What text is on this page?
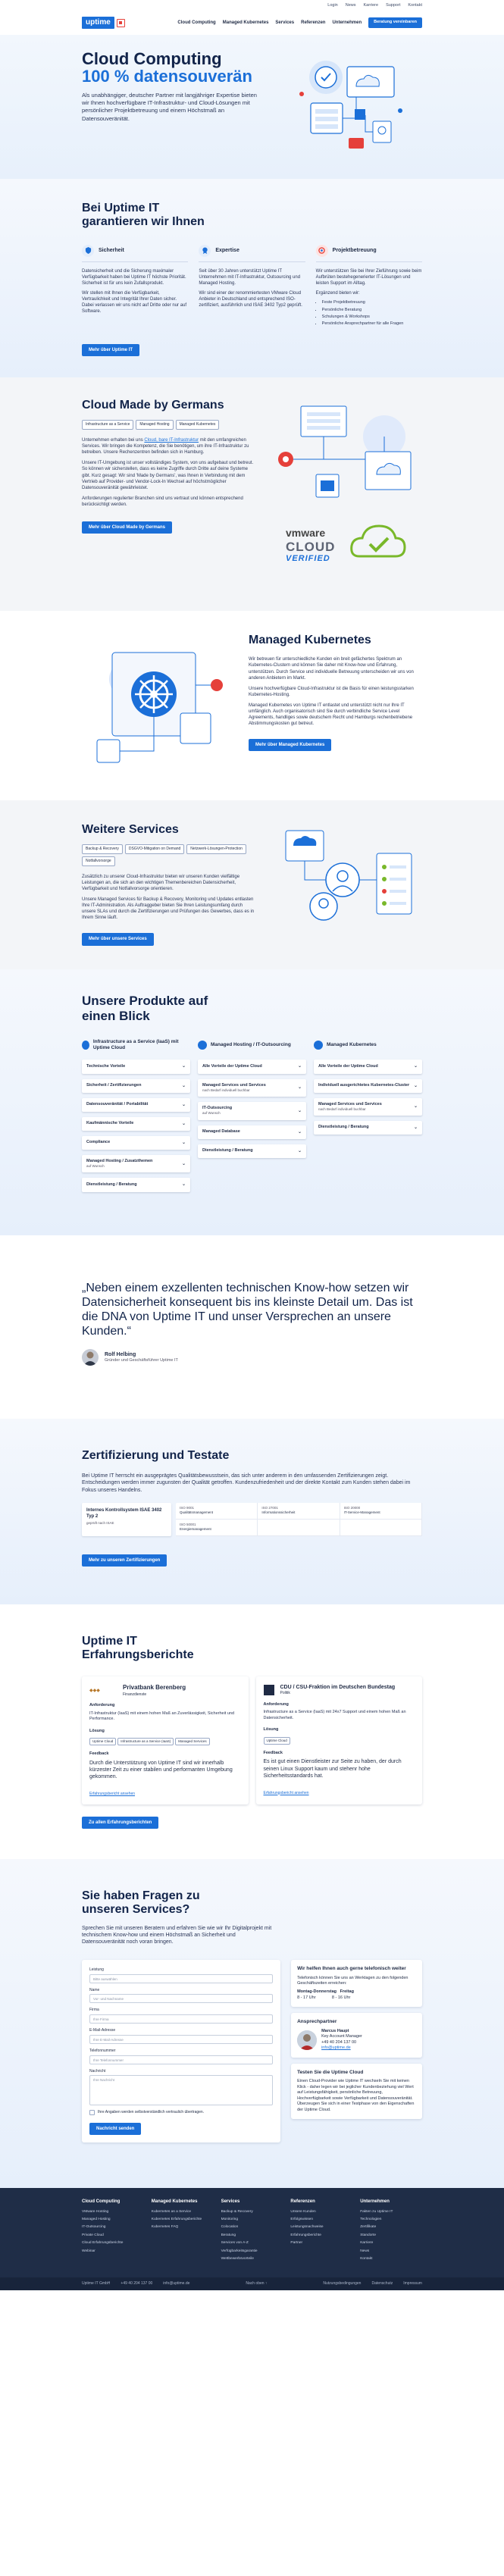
Login News Karriere Support Kontakt
uptime	Cloud Computing Managed Kubernetes Services Referenzen Unternehmen	Beratung vereinbaren
Cloud Computing
100 % datensouverän

Als unabhängiger, deutscher Partner mit langjähriger Expertise bieten wir Ihnen hochverfügbare IT-Infrastruktur- und Cloud-Lösungen mit persönlicher Projektbetreuung und einem Höchstmaß an Datensouveränität.

Bei Uptime IT
garantieren wir Ihnen
Sicherheit

Datensicherheit und die Sicherung maximaler Verfügbarkeit haben bei Uptime IT höchste Priorität. Sicherheit ist für uns kein Zufallsprodukt.

Wir stellen mit Ihnen die Verfügbarkeit, Vertraulichkeit und Integrität Ihrer Daten sicher. Dabei verlassen wir uns nicht auf Dritte oder nur auf Software.

Expertise

Seit über 30 Jahren unterstützt Uptime IT Unternehmen mit IT-Infrastruktur, Outsourcing und Managed Hosting.

Wir sind einer der renommiertesten VMware Cloud Anbieter in Deutschland und entsprechend ISO-zertifiziert, ausführlich und ISAE 3402 Typ2 geprüft.

Projektbetreuung

Wir unterstützen Sie bei Ihrer Zieführung sowie beim Aufbrüten bestehegenerierter IT-Lösungen und leisten Support im Alltag.

Ergänzend bieten wir:

• Feste Projektbetreuung
• Persönliche Beratung
• Schulungen & Workshops
• Persönliche Ansprechpartner für alle Fragen
Mehr über Uptime IT
Cloud Made by Germans
Infrastructure as a Service	Managed Hosting	Managed Kubernetes

Unternehmen erhalten bei uns Cloud, bare IT-Infrastruktur mit den umfangreichen Services. Wir bringen die Kompetenz, die Sie benötigen, um ihre IT-Infrastruktur zu betreiben. Unsere Rechenzentren befinden sich in Hamburg.

Unsere IT-Umgebung ist unser vollständiges System, von uns aufgebaut und betreut. So können wir sicherstellen, dass es keine Zugriffe durch Dritte auf deine Systeme gibt. Kurz gesagt: Wir sind 'Made by Germans', was Ihnen in Verbindung mit dem Vertrieb auf Provider- und Vendor-Lock-In Wechsel auf höchstmöglicher Datensouveränität gewährleistet.

Anforderungen regulierter Branchen sind uns vertraut und können entsprechend berücksichtigt werden.

Mehr über Cloud Made by Germans	vmware
CLOUD
VERIFIED
Managed Kubernetes

Wir betreuen für unterschiedliche Kunden ein breit gefächertes Spektrum an Kubernetes-Clustern und können Sie daher mit Know-how und Erfahrung, unterstützen. Durch Service und individuelle Betreuung unterscheiden wir uns von anderen Anbietern im Markt.

Unsere hochverfügbare Cloud-Infrastruktur ist die Basis für einen leistungsstarken Kubernetes-Hosting.

Managed Kubernetes von Uptime IT entlastet und unterstützt nicht nur Ihre IT umfänglich. Auch organisatorisch sind Sie durch verbindliche Service Level Agreements, handliges sowie deutschem Recht und Hamburgs rechenbetriebene Abstimmungskosten gut betreut.

Mehr über Managed Kubernetes
Weitere Services
Backup & Recovery	DSGVO-Mitigation on Demand	Netzwerk-Lösungen-Protection
Notfallvorsorge

Zusätzlich zu unserer Cloud-Infrastruktur bieten wir unseren Kunden vielfältige Leistungen an, die sich an den wichtigen Themenbereichen Datensicherheit, Verfügbarkeit und Notfallvorsorge orientieren.

Unsere Managed Services für Backup & Recovery, Monitoring und Updates entlasten Ihre IT-Administration. Als Auftraggeber bieten Sie Ihren Leistungsumfang durch unsere SLAs und durch die Zertifizierungen und Prüfungen des Gewerbes, dass es in Ihrem Sinne läuft.

Mehr über unsere Services
Unsere Produkte auf
einen Blick
Infrastructure as a Service (IaaS) mit Uptime Cloud
Technische Vorteile	⌄
Sicherheit / Zertifizierungen	⌄
Datensouveränität / Portabilität	⌄
Kaufmännische Vorteile	⌄
Compliance	⌄
Managed Hosting / Zusatzthemen
auf Wunsch
⌄
Dienstleistung / Beratung	⌄
Managed Hosting / IT-Outsourcing
Alle Vorteile der Uptime Cloud	⌄
Managed Services und Services
nach Bedarf individuell buchbar
⌄
IT-Outsourcing
auf Wunsch
⌄
Managed Database	⌄
Dienstleistung / Beratung	⌄
Managed Kubernetes
Alle Vorteile der Uptime Cloud	⌄
Individuell ausgerichtetes Kubernetes-Cluster ⌄
Managed Services und Services
nach Bedarf individuell buchbar
⌄
Dienstleistung / Beratung	⌄

„Neben einem exzellenten technischen Know-how setzen wir Datensicherheit konsequent bis ins kleinste Detail um. Das ist die DNA von Uptime IT und unser Versprechen an unsere Kunden.“

Rolf Helbing
Gründer und Geschäftsführer Uptime IT
Zertifizierung und Testate

Bei Uptime IT herrscht ein ausgeprägtes Qualitätsbewusstsein, das sich unter anderem in den umfassenden Zertifizierungen zeigt. Entscheidungen werden immer zugunsten der Qualität getroffen. Kundenzufriedenheit und der direkte Kontakt zum Kunden stehen dabei im Fokus unseres Handelns.

Internes Kontrollsystem ISAE 3402 Typ 2
geprüft nach ISAE
ISO 9001
Qualitätsmanagement
ISO 27001
Informationssicherheit
ISO 20000
IT-Service-Management
ISO 50001
Energiemanagement
Mehr zu unseren Zertifizierungen
Uptime IT
Erfahrungsberichte
◆◆◆	Privatbank Berenberg
Finanzdienste
Anforderung

IT-Infrastruktur (IaaS) mit einem hohen Maß an Zuverlässigkeit, Sicherheit und Performance.

Lösung
Uptime Cloud Infrastructure as a Service (IaaS) Managed Services
Feedback

Durch die Unterstützung von Uptime IT sind wir innerhalb kürzester Zeit zu einer stabilen und performanten Umgebung gekommen.

Erfahrungsbericht ansehen
CDU / CSU-Fraktion im Deutschen Bundestag
Politik
Anforderung

Infrastructure as a Service (IaaS) mit 24x7 Support und einem hohen Maß an Datensicherheit.

Lösung
Uptime Cloud
Feedback

Es ist gut einen Dienstleister zur Seite zu haben, der durch seinen Linux Support kaum und stehenr hohe Sicherheitsstandards hat.

Erfahrungsbericht ansehen
Zu allen Erfahrungsberichten
Sie haben Fragen zu
unseren Services?

Sprechen Sie mit unseren Beratern und erfahren Sie wie wir Ihr Digitalprojekt mit technischem Know-how und einem Höchstmaß an Sicherheit und Datensouveränität noch voran bringen.

Leistung
Bitte auswählen
Name
Vor- und Nachname
Firma
Ihre Firma
E-Mail-Adresse
Ihre E-Mail-Adresse
Telefonnummer
Ihre Telefonnummer
Nachricht
Ihre Nachricht
Ihre Angaben werden selbstverständlich vertraulich übertragen.
Nachricht senden
Wir helfen Ihnen auch gerne telefonisch weiter

Telefonisch können Sie uns an Werktagen zu den folgenden Geschäftszeiten erreichen:

Montag-Donnerstag   Freitag
8 - 17 Uhr              8 - 16 Uhr
Ansprechpartner
Marcus Haupt
Key Account Manager
+49 40 204 137 00
info@uptime.de
Testen Sie die Uptime Cloud

Einen Cloud-Provider wie Uptime IT wechseln Sie mit keinen Klick - daher legen wir bei jeglicher Kundenbeziehung viel Wert auf Leistungsfähigkeit, persönliche Betreuung, Hochverfügbarkeit sowie Verfügbarkeit und Datensouveränität. Überzeugen Sie sich in einer Testphase von den Eigenschaften der Uptime Cloud.

Cloud Computing
VMware Hosting
Managed Hosting
IT-Outsourcing
Private Cloud
Cloud Erfahrungsberichte
Webinar
Managed Kubernetes
Kubernetes as a Service
Kubernetes Erfahrungsberichte
Kubernetes FAQ
Services
Backup & Recovery
Monitoring
Colocation
Beratung
Services von A-Z
Verfügbarkeitsgarantie
Wettbewerbsvorteile
Referenzen
Unsere Kunden
Erfolgswissen
Leistungsnachweise
Erfahrungsberichte
Partner
Unternehmen
Fakten zu Uptime IT
Technologien
Zertifikate
Standorte
Karriere
News
Kontakt
Uptime IT GmbH	+49 40 204 137 00	info@uptime.de	Nach oben ↑	Nutzungsbedingungen	Datenschutz	Impressum
